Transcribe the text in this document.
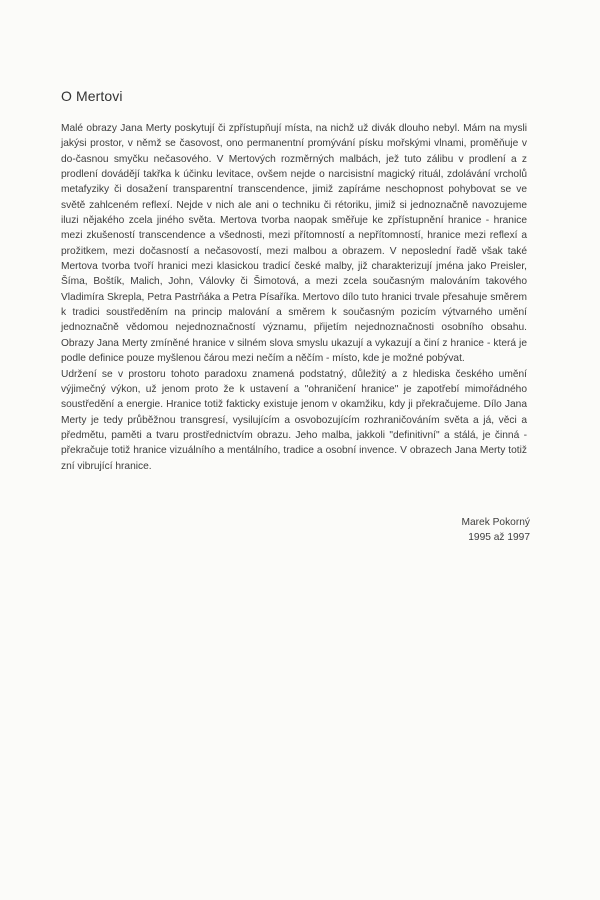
O Mertovi

Malé obrazy Jana Merty poskytují či zpřístupňují místa, na nichž už divák dlouho nebyl. Mám na mysli jakýsi prostor, v němž se časovost, ono permanentní promývání písku mořskými vlnami, proměňuje v do-časnou smyčku nečasového. V Mertových rozměrných malbách, jež tuto zálibu v prodlení a z prodlení dovádějí takřka k účinku levitace, ovšem nejde o narcisistní magický rituál, zdolávání vrcholů metafyziky či dosažení transparentní transcendence, jimiž zapíráme neschopnost pohybovat se ve světě zahlceném reflexí. Nejde v nich ale ani o techniku či rétoriku, jimiž si jednoznačně navozujeme iluzi nějakého zcela jiného světa. Mertova tvorba naopak směřuje ke zpřístupnění hranice - hranice mezi zkušeností transcendence a všednosti, mezi přítomností a nepřítomností, hranice mezi reflexí a prožitkem, mezi dočasností a nečasovostí, mezi malbou a obrazem. V neposlední řadě však také Mertova tvorba tvoří hranici mezi klasickou tradicí české malby, již charakterizují jména jako Preisler, Šíma, Boštík, Malich, John, Válovky či Šimotová, a mezi zcela současným malováním takového Vladimíra Skrepla, Petra Pastrňáka a Petra Písaříka. Mertovo dílo tuto hranici trvale přesahuje směrem k tradici soustředěním na princip malování a směrem k současným pozicím výtvarného umění jednoznačně vědomou nejednoznačností významu, přijetím nejednoznačnosti osobního obsahu. Obrazy Jana Merty zmíněné hranice v silném slova smyslu ukazují a vykazují a činí z hranice - která je podle definice pouze myšlenou čárou mezi nečím a něčím - místo, kde je možné pobývat.

Udržení se v prostoru tohoto paradoxu znamená podstatný, důležitý a z hlediska českého umění výjimečný výkon, už jenom proto že k ustavení a "ohraničení hranice" je zapotřebí mimořádného soustředění a energie. Hranice totiž fakticky existuje jenom v okamžiku, kdy ji překračujeme. Dílo Jana Merty je tedy průběžnou transgresí, vysilujícím a osvobozujícím rozhraničováním světa a já, věci a předmětu, paměti a tvaru prostřednictvím obrazu. Jeho malba, jakkoli "definitivní" a stálá, je činná - překračuje totiž hranice vizuálního a mentálního, tradice a osobní invence. V obrazech Jana Merty totiž zní vibrující hranice.

Marek Pokorný
1995 až 1997
